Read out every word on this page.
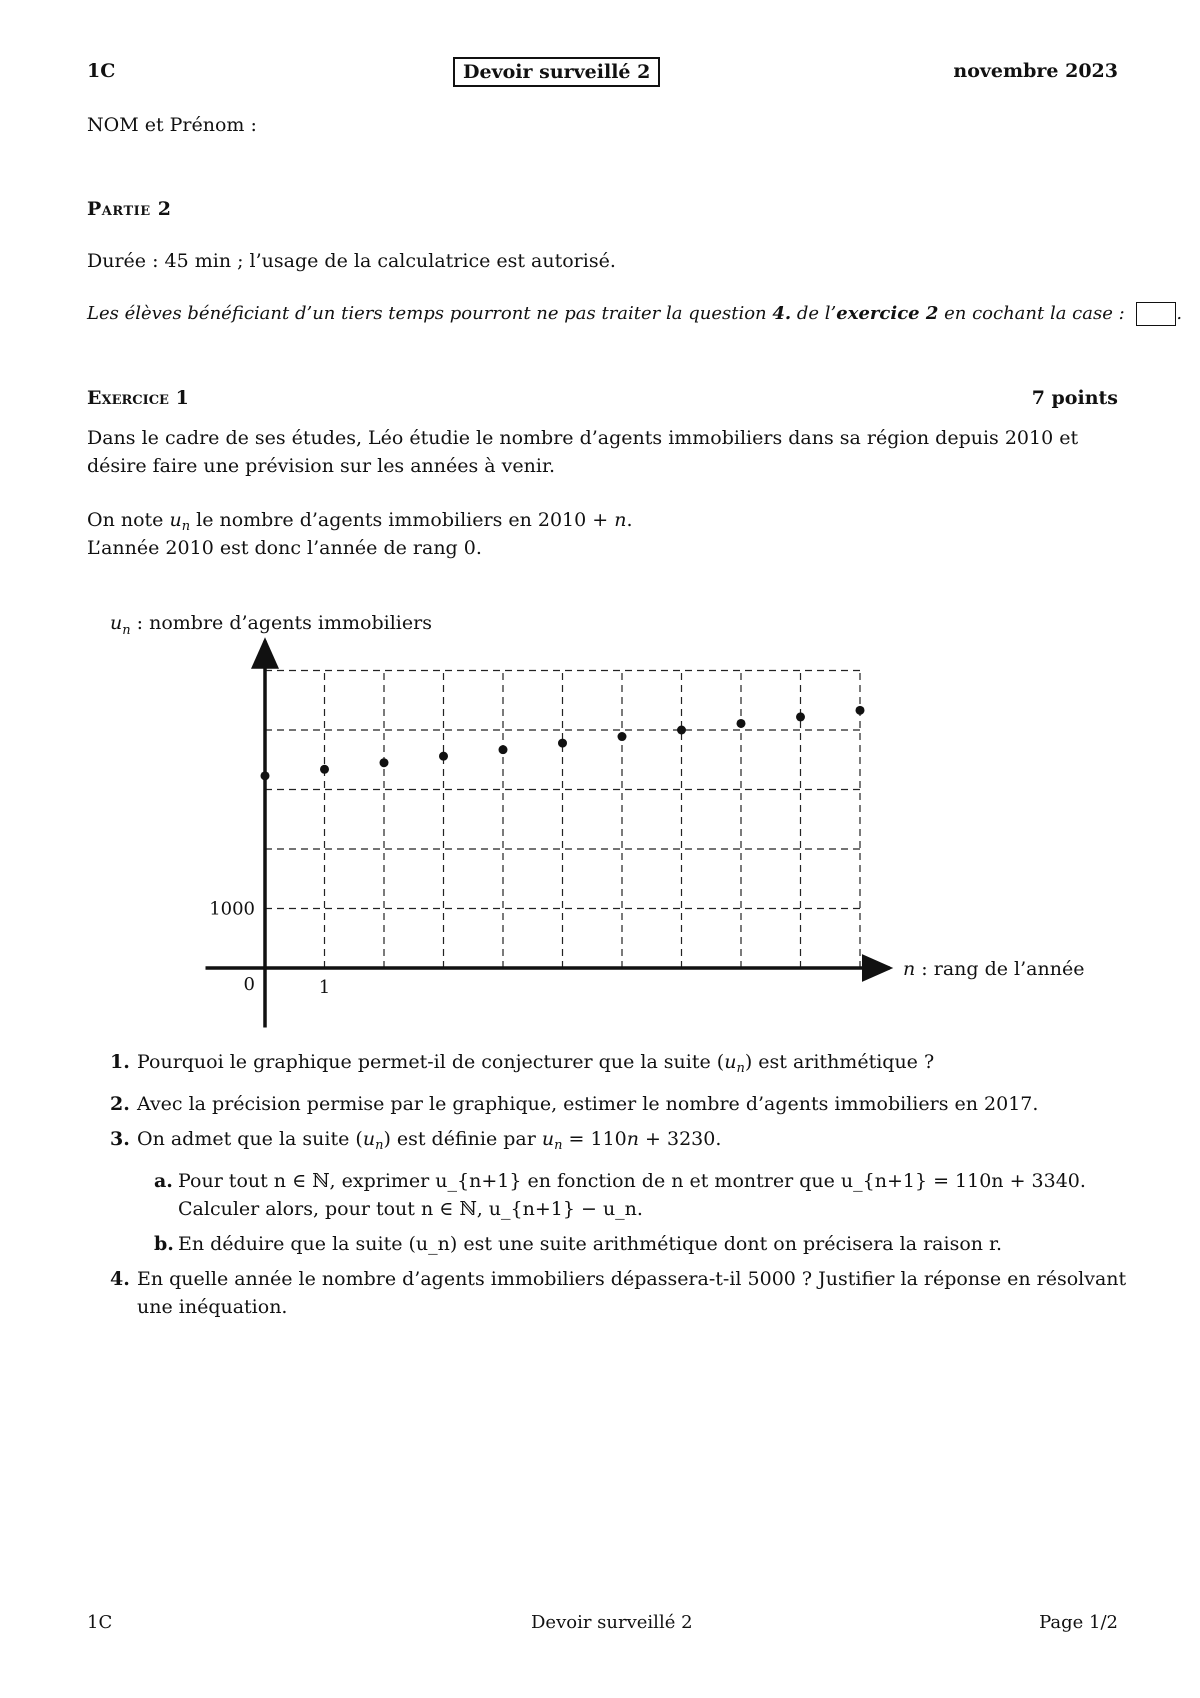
1C	Devoir surveillé 2	novembre 2023
NOM et Prénom :
Partie 2
Durée : 45 min ; l’usage de la calculatrice est autorisé.
Les élèves bénéficiant d’un tiers temps pourront ne pas traiter la question 4. de l’exercice 2 en cochant la case :	.
Exercice 1	7 points
Dans le cadre de ses études, Léo étudie le nombre d’agents immobiliers dans sa région depuis 2010 et désire faire une prévision sur les années à venir.
On note $u_n$ le nombre d’agents immobiliers en 2010 + n.
L’année 2010 est donc l’année de rang 0.
1000
0	1
$u_n$ : nombre d’agents immobiliers
n : rang de l’année
1. Pourquoi le graphique permet-il de conjecturer que la suite $(u_n)$ est arithmétique ?
2. Avec la précision permise par le graphique, estimer le nombre d’agents immobiliers en 2017.
3. On admet que la suite $(u_n)$ est définie par $u_n = 110n + 3230$.
a. Pour tout n ∈ ℕ, exprimer u_{n+1} en fonction de n et montrer que u_{n+1} = 110n + 3340.
Calculer alors, pour tout n ∈ ℕ, u_{n+1} − u_n.
b. En déduire que la suite (u_n) est une suite arithmétique dont on précisera la raison r.
4. En quelle année le nombre d’agents immobiliers dépassera-t-il 5000 ? Justifier la réponse en résolvant une inéquation.
1C	Devoir surveillé 2	Page 1/2
